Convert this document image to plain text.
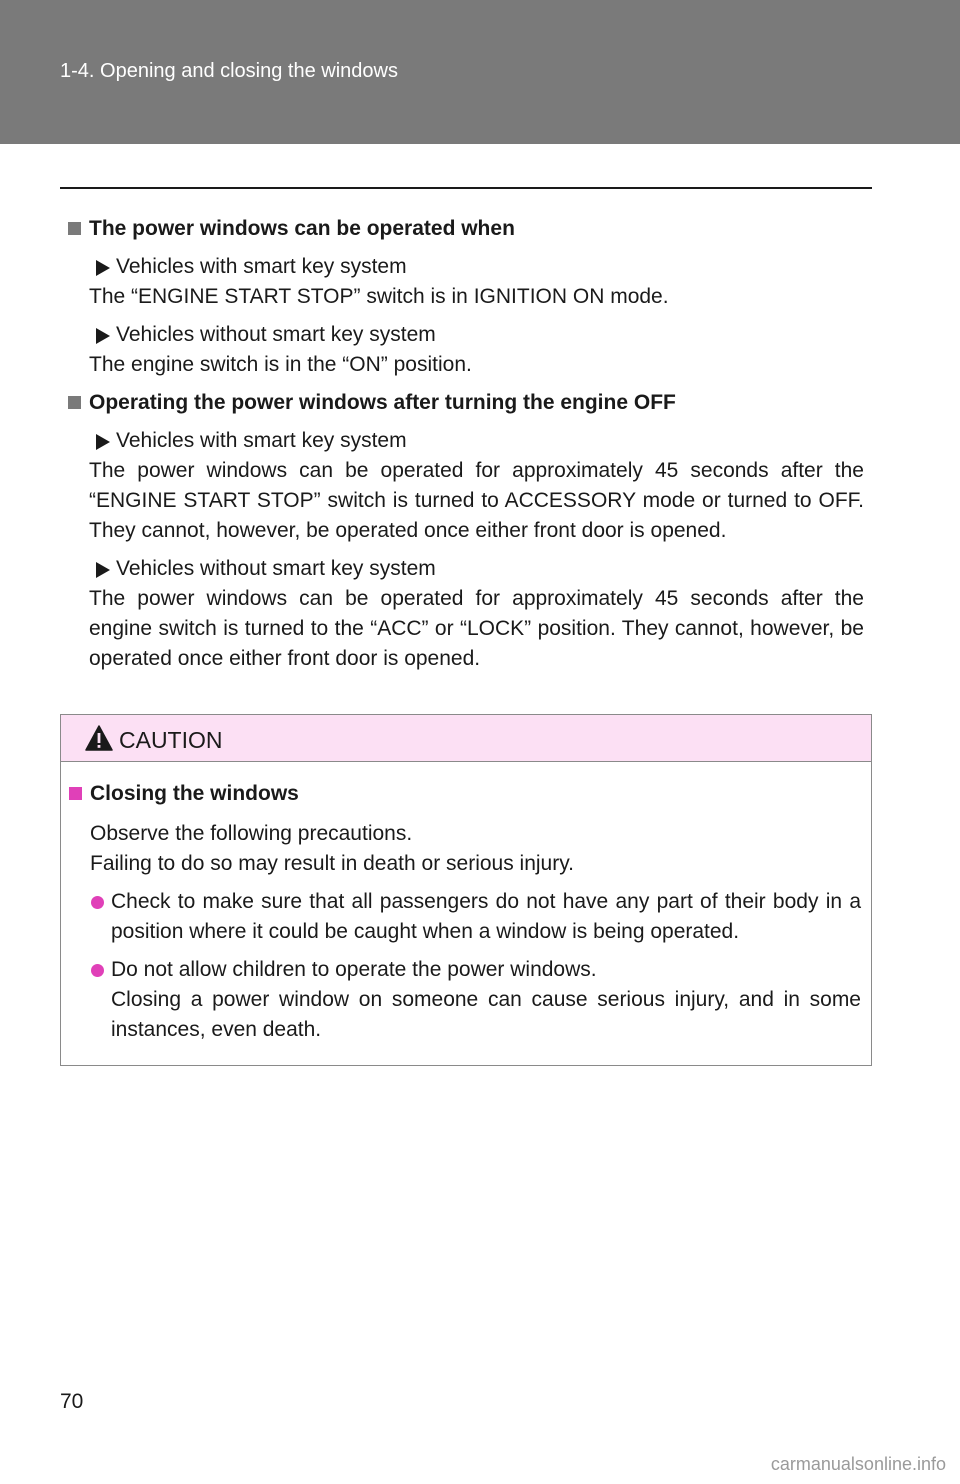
1-4. Opening and closing the windows
The power windows can be operated when
Vehicles with smart key system
The “ENGINE START STOP” switch is in IGNITION ON mode.
Vehicles without smart key system
The engine switch is in the “ON” position.
Operating the power windows after turning the engine OFF
Vehicles with smart key system
The power windows can be operated for approximately 45 seconds after the “ENGINE START STOP” switch is turned to ACCESSORY mode or turned to OFF. They cannot, however, be operated once either front door is opened.
Vehicles without smart key system
The power windows can be operated for approximately 45 seconds after the engine switch is turned to the “ACC” or “LOCK” position. They cannot, however, be operated once either front door is opened.
CAUTION
Closing the windows
Observe the following precautions.
Failing to do so may result in death or serious injury.
Check to make sure that all passengers do not have any part of their body in a position where it could be caught when a window is being operated.
Do not allow children to operate the power windows.
Closing a power window on someone can cause serious injury, and in some instances, even death.
70
carmanualsonline.info
